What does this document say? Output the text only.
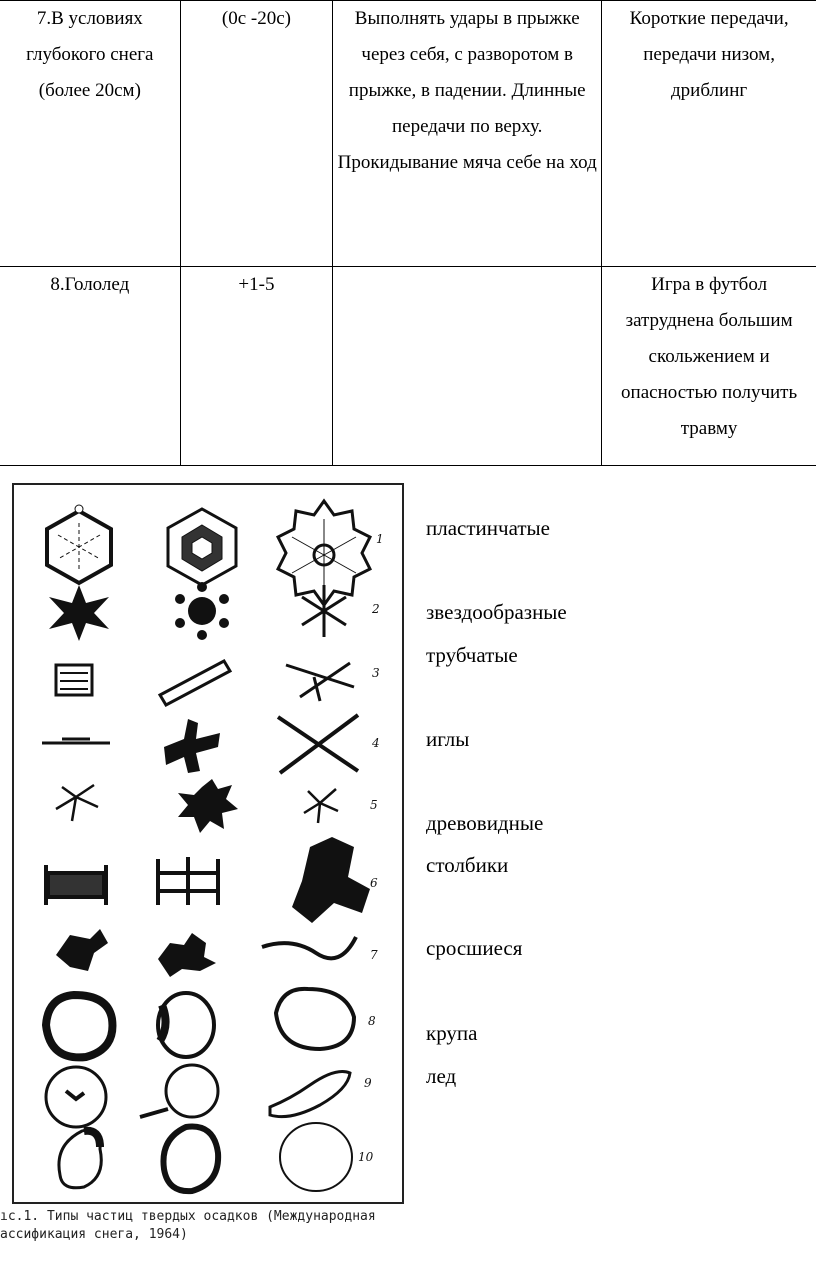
7.В условиях глубокого снега (более 20см)	(0с -20с)	Выполнять удары в прыжке через себя, с разворотом в прыжке, в падении. Длинные передачи по верху. Прокидывание мяча себе на ход	Короткие передачи, передачи низом, дриблинг
8.Гололед	+1-5		Игра в футбол затруднена большим скольжением и опасностью получить травму
1
2
3
4
5
6
7
8
9
10
ıс.1. Типы частиц твердых осадков (Международная
ассификация снега, 1964)
пластинчатые
звездообразные
трубчатые
иглы
древовидные
столбики
сросшиеся
крупа
лед
